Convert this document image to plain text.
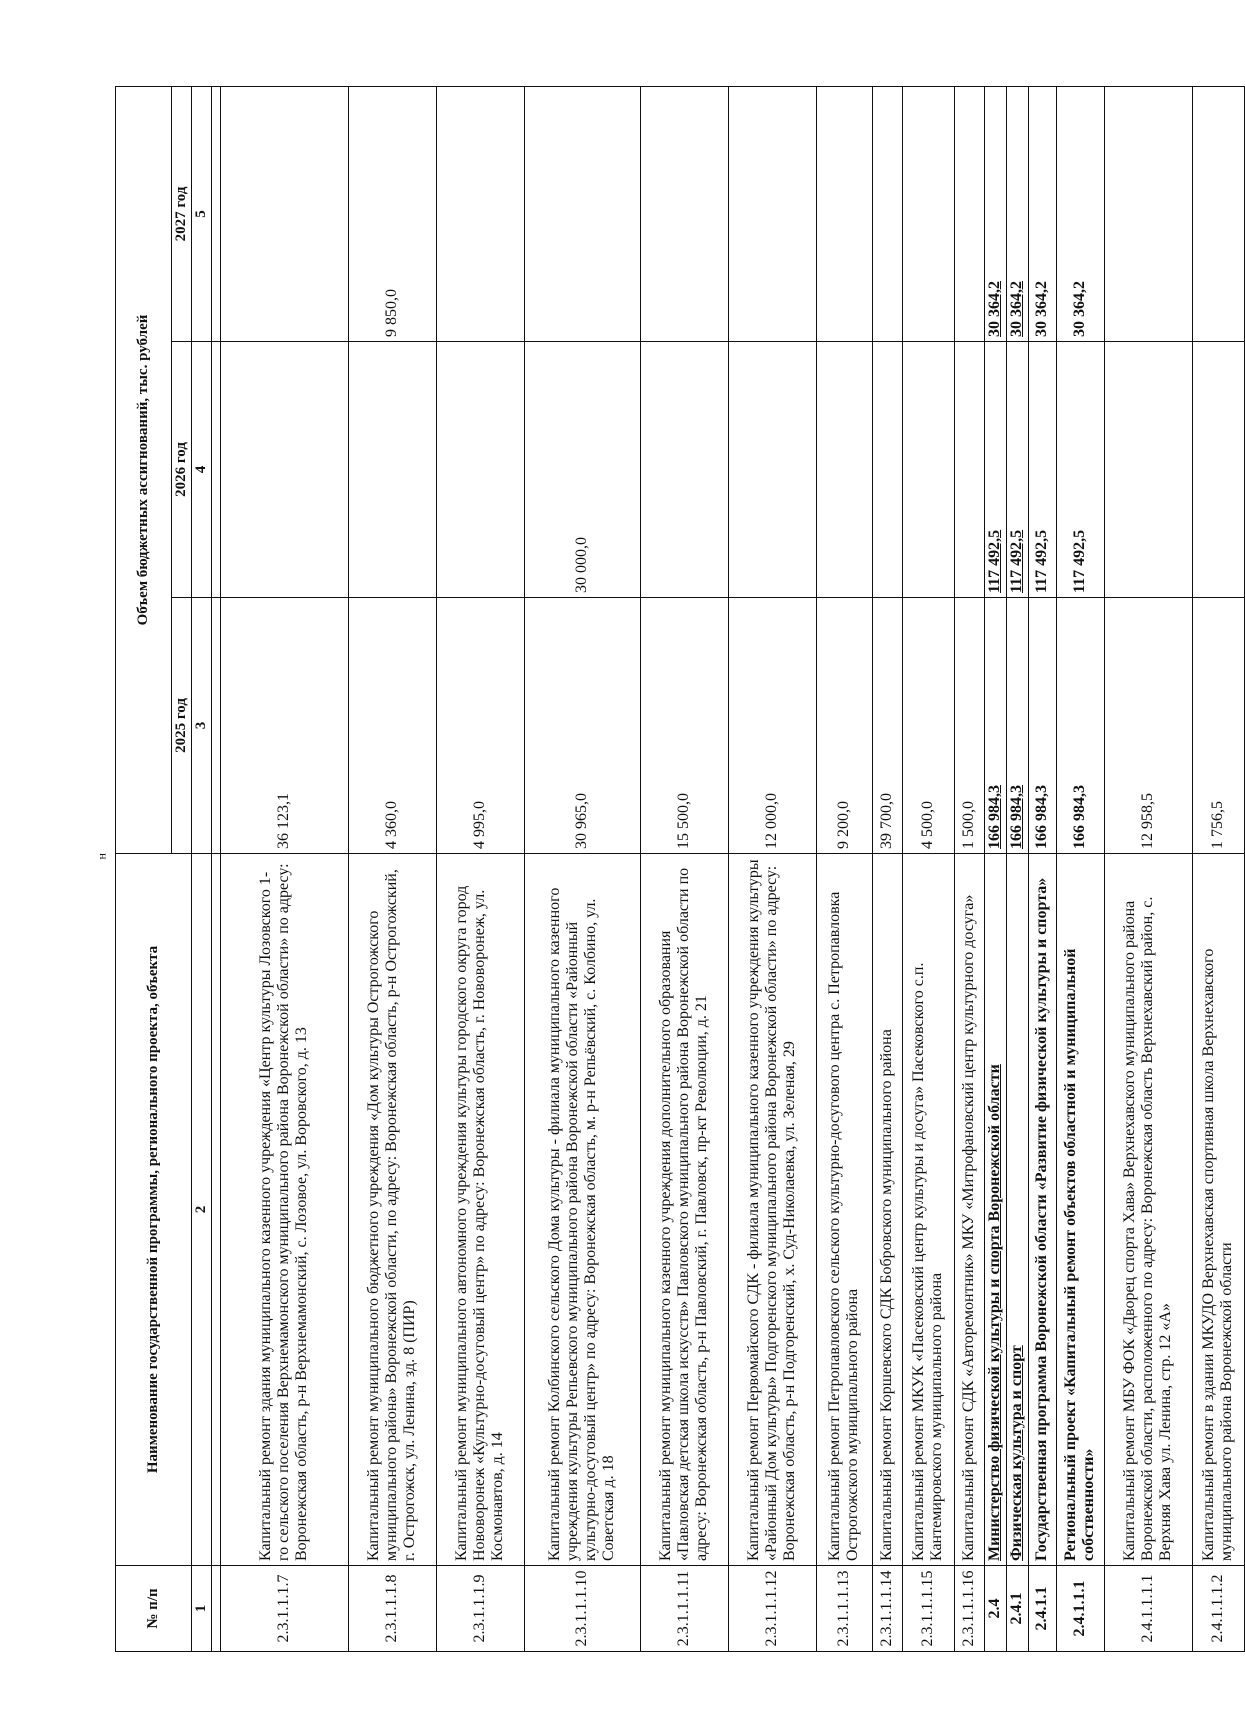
н
№ п/п	Наименование государственной программы, регионального проекта, объекта	Объем бюджетных ассигнований, тыс. рублей		
		2025 год	2026 год	2027 год
1	2	3	4	5

2.3.1.1.1.7	Капитальный ремонт здания муниципального казенного учреждения «Центр культуры Лозовского 1-го сельского поселения Верхнемамонского муниципального района Воронежской области» по адресу: Воронежская область, р-н Верхнемамонский, с. Лозовое, ул. Воровского, д. 13	36 123,1		
2.3.1.1.1.8	Капитальный ремонт муниципального бюджетного учреждения «Дом культуры Острогожского муниципального района» Воронежской области, по адресу: Воронежская область, р-н Острогожский, г. Острогожск, ул. Ленина, зд. 8 (ПИР)	4 360,0		9 850,0
2.3.1.1.1.9	Капитальный ремонт муниципального автономного учреждения культуры городского округа город Нововоронеж «Культурно-досуговый центр» по адресу: Воронежская область, г. Нововоронеж, ул. Космонавтов, д. 14	4 995,0		
2.3.1.1.1.10	Капитальный ремонт Колбинского сельского Дома культуры - филиала муниципального казенного учреждения культуры Репьевского муниципального района Воронежской области «Районный культурно-досуговый центр» по адресу: Воронежская область, м. р-н Репьёвский, с. Колбино, ул. Советская д. 18	30 965,0	30 000,0	
2.3.1.1.1.11	Капитальный ремонт муниципального казенного учреждения дополнительного образования «Павловская детская школа искусств» Павловского муниципального района Воронежской области по адресу: Воронежская область, р-н Павловский, г. Павловск, пр-кт Революции, д. 21	15 500,0		
2.3.1.1.1.12	Капитальный ремонт Первомайского СДК - филиала муниципального казенного учреждения культуры «Районный Дом культуры» Подгоренского муниципального района Воронежской области» по адресу: Воронежская область, р-н Подгоренский, х. Суд-Николаевка, ул. Зеленая, 29	12 000,0		
2.3.1.1.1.13	Капитальный ремонт Петропавловского сельского культурно-досугового центра с. Петропавловка Острогожского муниципального района	9 200,0		
2.3.1.1.1.14	Капитальный ремонт Коршевского СДК Бобровского муниципального района	39 700,0		
2.3.1.1.1.15	Капитальный ремонт МКУК «Пасековский центр культуры и досуга» Пасековского с.п. Кантемировского муниципального района	4 500,0		
2.3.1.1.1.16	Капитальный ремонт СДК «Авторемонтник» МКУ «Митрофановский центр культурного досуга»	1 500,0		
2.4	Министерство физической культуры и спорта Воронежской области	166 984,3	117 492,5	30 364,2
2.4.1	Физическая культура и спорт	166 984,3	117 492,5	30 364,2
2.4.1.1	Государственная программа Воронежской области «Развитие физической культуры и спорта»	166 984,3	117 492,5	30 364,2
2.4.1.1.1	Региональный проект «Капитальный ремонт объектов областной и муниципальной собственности»	166 984,3	117 492,5	30 364,2
2.4.1.1.1.1	Капитальный ремонт МБУ ФОК «Дворец спорта Хава» Верхнехавского муниципального района Воронежской области, расположенного по адресу: Воронежская область Верхнехавский район, с. Верхняя Хава ул. Ленина, стр. 12 «А»	12 958,5		
2.4.1.1.1.2	Капитальный ремонт в здании МКУДО Верхнехавская спортивная школа Верхнехавского муниципального района Воронежской области	1 756,5		
